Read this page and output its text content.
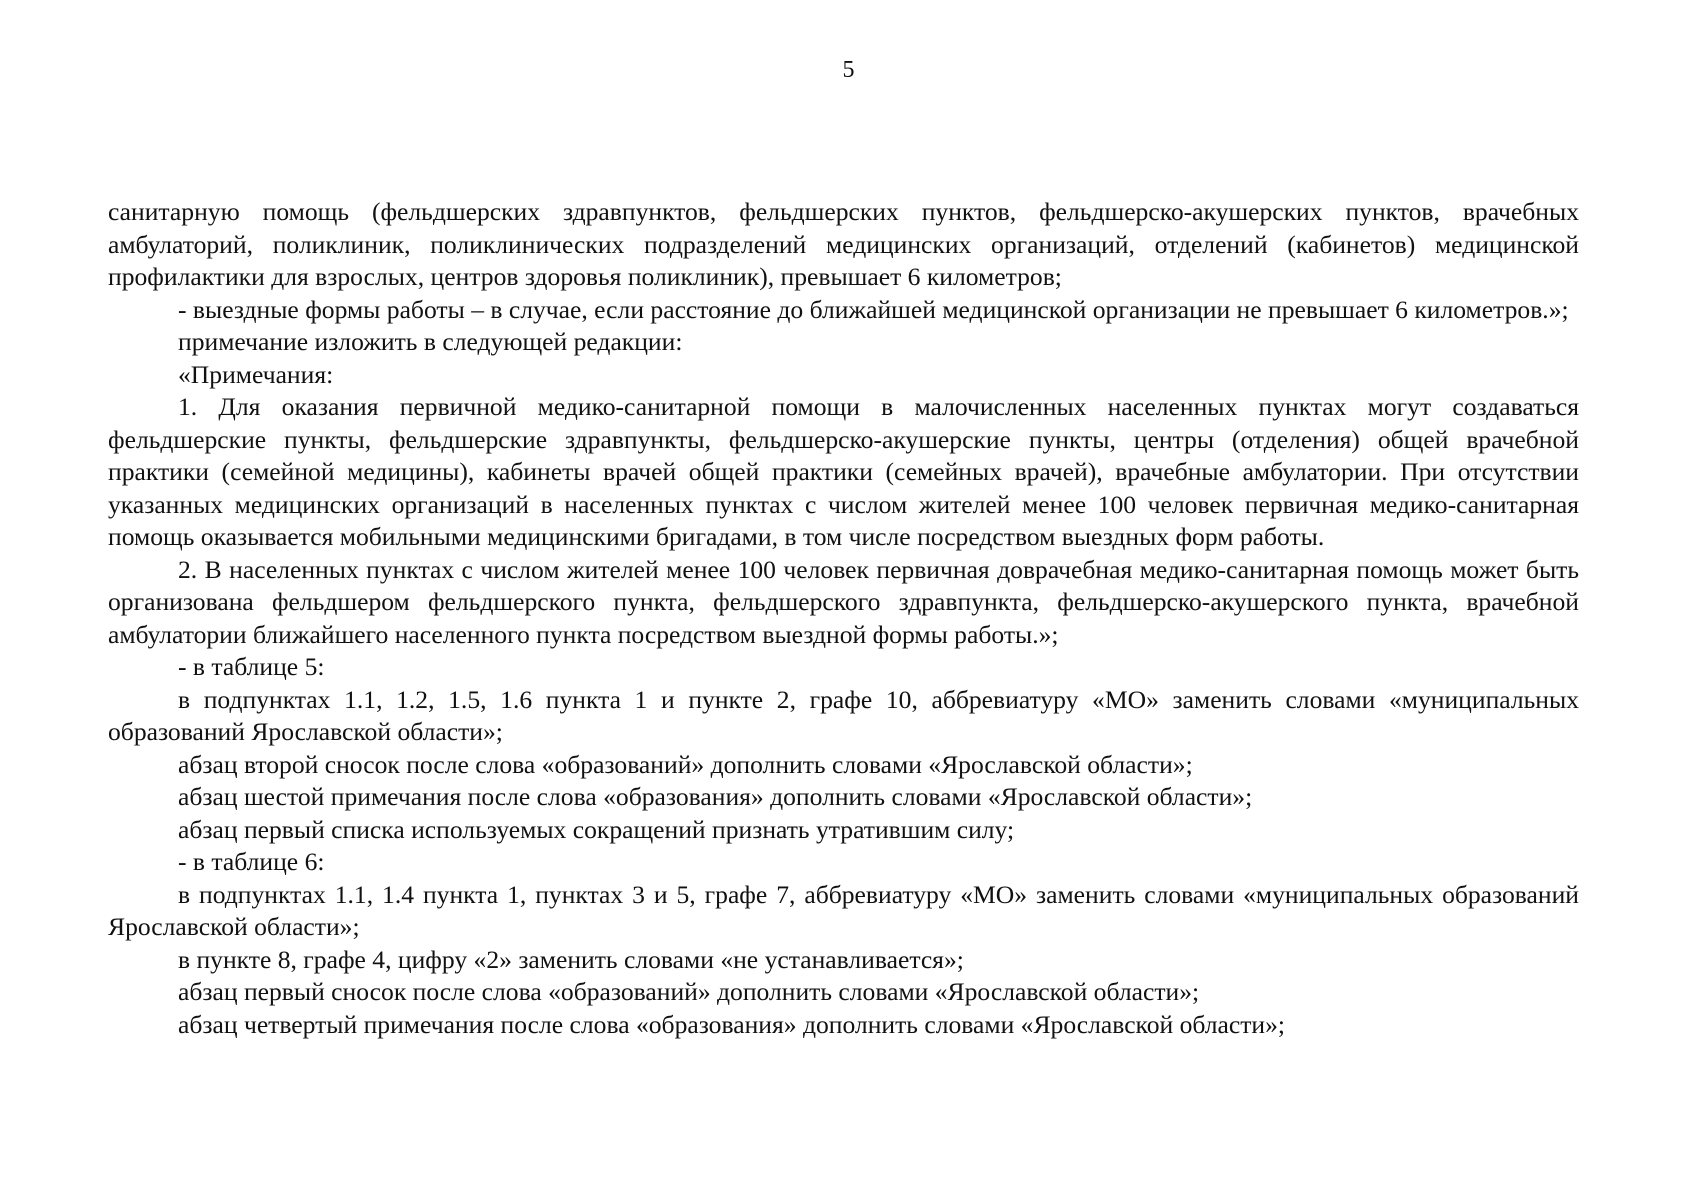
5

санитарную помощь (фельдшерских здравпунктов, фельдшерских пунктов, фельдшерско-акушерских пунктов, врачебных амбулаторий, поликлиник, поликлинических подразделений медицинских организаций, отделений (кабинетов) медицинской профилактики для взрослых, центров здоровья поликлиник), превышает 6 километров;

- выездные формы работы – в случае, если расстояние до ближайшей медицинской организации не превышает 6 километров.»;

примечание изложить в следующей редакции:

«Примечания:

1. Для оказания первичной медико-санитарной помощи в малочисленных населенных пунктах могут создаваться фельдшерские пункты, фельдшерские здравпункты, фельдшерско-акушерские пункты, центры (отделения) общей врачебной практики (семейной медицины), кабинеты врачей общей практики (семейных врачей), врачебные амбулатории. При отсутствии указанных медицинских организаций в населенных пунктах с числом жителей менее 100 человек первичная медико-санитарная помощь оказывается мобильными медицинскими бригадами, в том числе посредством выездных форм работы.

2. В населенных пунктах с числом жителей менее 100 человек первичная доврачебная медико-санитарная помощь может быть организована фельдшером фельдшерского пункта, фельдшерского здравпункта, фельдшерско-акушерского пункта, врачебной амбулатории ближайшего населенного пункта посредством выездной формы работы.»;

- в таблице 5:

в подпунктах 1.1, 1.2, 1.5, 1.6 пункта 1 и пункте 2, графе 10, аббревиатуру «МО» заменить словами «муниципальных образований Ярославской области»;

абзац второй сносок после слова «образований» дополнить словами «Ярославской области»;

абзац шестой примечания после слова «образования» дополнить словами «Ярославской области»;

абзац первый списка используемых сокращений признать утратившим силу;

- в таблице 6:

в подпунктах 1.1, 1.4 пункта 1, пунктах 3 и 5, графе 7, аббревиатуру «МО» заменить словами «муниципальных образований Ярославской области»;

в пункте 8, графе 4, цифру «2» заменить словами «не устанавливается»;

абзац первый сносок после слова «образований» дополнить словами «Ярославской области»;

абзац четвертый примечания после слова «образования» дополнить словами «Ярославской области»;
